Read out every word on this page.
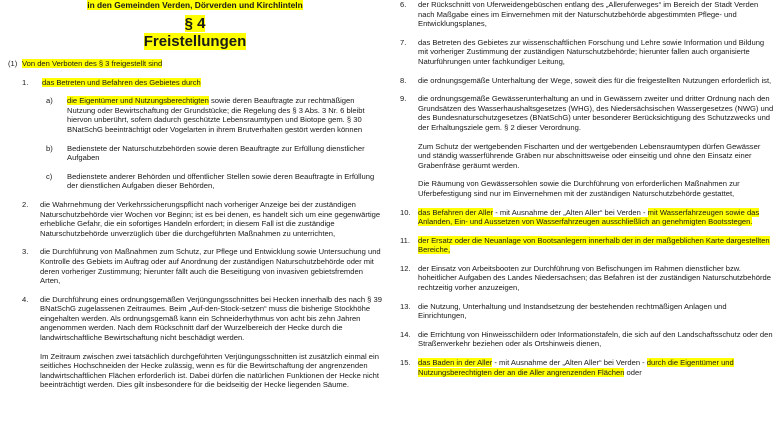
in den Gemeinden Verden, Dörverden und Kirchlinteln

§ 4

Freistellungen

(1) Von den Verboten des § 3 freigestellt sind
1.	das Betreten und Befahren des Gebietes durch
a)	die Eigentümer und Nutzungsberechtigten sowie deren Beauftragte zur rechtmäßigen Nutzung oder Bewirtschaftung der Grundstücke; die Regelung des § 3 Abs. 3 Nr. 6 bleibt hiervon unberührt, sofern dadurch geschützte Lebensraumtypen und Biotope gem. § 30 BNatSchG beeinträchtigt oder Vogelarten in ihrem Brutverhalten gestört werden können
b)	Bedienstete der Naturschutzbehörden sowie deren Beauftragte zur Erfüllung dienstlicher Aufgaben
c)	Bedienstete anderer Behörden und öffentlicher Stellen sowie deren Beauftragte in Erfüllung der dienstlichen Aufgaben dieser Behörden,
2.	die Wahrnehmung der Verkehrssicherungspflicht nach vorheriger Anzeige bei der zuständigen Naturschutzbehörde vier Wochen vor Beginn; ist es bei denen, es handelt sich um eine gegenwärtige erhebliche Gefahr, die ein sofortiges Handeln erfordert; in diesem Fall ist die zuständige Naturschutzbehörde unverzüglich über die durchgeführten Maßnahmen zu unterrichten,
3.	die Durchführung von Maßnahmen zum Schutz, zur Pflege und Entwicklung sowie Untersuchung und Kontrolle des Gebiets im Auftrag oder auf Anordnung der zuständigen Naturschutzbehörde oder mit deren vorheriger Zustimmung; hierunter fällt auch die Beseitigung von invasiven gebietsfremden Arten,
4.	die Durchführung eines ordnungsgemäßen Verjüngungsschnittes bei Hecken innerhalb des nach § 39 BNatSchG zugelassenen Zeitraumes. Beim „Auf-den-Stock-setzen“ muss die bisherige Stockhöhe eingehalten werden. Als ordnungsgemäß kann ein Schneiderhythmus von acht bis zehn Jahren angenommen werden. Nach dem Rückschnitt darf der Wurzelbereich der Hecke durch die landwirtschaftliche Bewirtschaftung nicht beschädigt werden.

Im Zeitraum zwischen zwei tatsächlich durchgeführten Verjüngungsschnitten ist zusätzlich einmal ein seitliches Hochschneiden der Hecke zulässig, wenn es für die Bewirtschaftung der angrenzenden landwirtschaftlichen Flächen erforderlich ist. Dabei dürfen die natürlichen Funktionen der Hecke nicht beeinträchtigt werden. Dies gilt insbesondere für die beidseitig der Hecke liegenden Säume.

6.	der Rückschnitt von Uferweidengebüschen entlang des „Alleruferweges“ im Bereich der Stadt Verden nach Maßgabe eines im Einvernehmen mit der Naturschutzbehörde abgestimmten Pflege- und Entwicklungsplanes,
7.	das Betreten des Gebietes zur wissenschaftlichen Forschung und Lehre sowie Information und Bildung mit vorheriger Zustimmung der zuständigen Naturschutzbehörde; hierunter fallen auch organisierte Naturführungen unter fachkundiger Leitung,
8.	die ordnungsgemäße Unterhaltung der Wege, soweit dies für die freigestellten Nutzungen erforderlich ist,
9.	die ordnungsgemäße Gewässerunterhaltung an und in Gewässern zweiter und dritter Ordnung nach den Grundsätzen des Wasserhaushaltsgesetzes (WHG), des Niedersächsischen Wassergesetzes (NWG) und des Bundesnaturschutzgesetzes (BNatSchG) unter besonderer Berücksichtigung des Schutzzwecks und der Erhaltungsziele gem. § 2 dieser Verordnung.

Zum Schutz der wertgebenden Fischarten und der wertgebenden Lebensraumtypen dürfen Gewässer und ständig wasserführende Gräben nur abschnittsweise oder einseitig und ohne den Einsatz einer Grabenfräse geräumt werden.

Die Räumung von Gewässersohlen sowie die Durchführung von erforderlichen Maßnahmen zur Uferbefestigung sind nur im Einvernehmen mit der zuständigen Naturschutzbehörde gestattet,

10. das Befahren der Aller - mit Ausnahme der „Alten Aller“ bei Verden - mit Wasserfahrzeugen sowie das Anlanden, Ein- und Aussetzen von Wasserfahrzeugen ausschließlich an genehmigten Bootsstegen.
11.	der Ersatz oder die Neuanlage von Bootsanlegern innerhalb der in der maßgeblichen Karte dargestellten Bereiche,
12. der Einsatz von Arbeitsbooten zur Durchführung von Befischungen im Rahmen dienstlicher bzw. hoheitlicher Aufgaben des Landes Niedersachsen; das Befahren ist der zuständigen Naturschutzbehörde rechtzeitig vorher anzuzeigen,
13. die Nutzung, Unterhaltung und Instandsetzung der bestehenden rechtmäßigen Anlagen und Einrichtungen,
14. die Errichtung von Hinweisschildern oder Informationstafeln, die sich auf den Landschaftsschutz oder den Straßenverkehr beziehen oder als Ortshinweis dienen,
15. das Baden in der Aller - mit Ausnahme der „Alten Aller“ bei Verden - durch die Eigentümer und Nutzungsberechtigten der an die Aller angrenzenden Flächen oder
